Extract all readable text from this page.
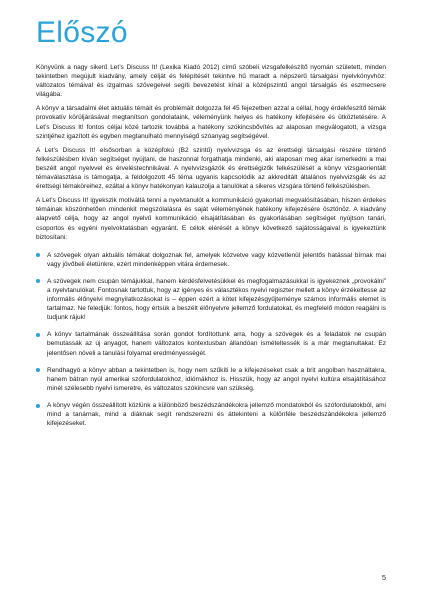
Előszó

Könyvünk a nagy sikerű Let’s Discuss It! (Lexika Kiadó 2012) című szóbeli vizsgafelkészítő nyomán született, minden tekintetben megújult kiadvány, amely célját és felépítését tekintve hű maradt a népszerű társalgási nyelvkönyvhöz: változatos témáival és izgalmas szövegeivel segíti bevezetést kínál a középszintű angol társalgás és eszmecsere világába.

A könyv a társadalmi élet aktuális témáit és problémáit dolgozza fel 45 fejezetben azzal a céllal, hogy érdekfeszítő témák provokatív körüljárásával megtanítson gondolataink, véleményünk helyes és hatékony kifejtésére és ütköztetésére. A Let’s Discuss It! fontos céljai közé tartozik továbbá a hatékony szókincsbővítés az alaposan megválogatott, a vizsga szintjéhez igazított és egyben megtanulható mennyiségű szóanyag segítségével.

A Let’s Discuss It! elsősorban a középfokú (B2 szintű) nyelvvizsga és az érettségi társalgási részére történő felkészülésben kíván segítséget nyújtani, de haszonnal forgathatja mindenki, aki alaposan meg akar ismerkedni a mai beszélt angol nyelvvel és érveléstechnikával. A nyelvvizsgázók és érettségizők felkészülését a könyv vizsgaorientált témaválasztása is támogatja, a feldolgozott 45 téma ugyanis kapcsolódik az akkreditált általános nyelvvizsgák és az érettségi témaköreihez, ezáltal a könyv hatékonyan kalauzolja a tanulókat a sikeres vizsgára történő felkészülésben.

A Let’s Discuss It! igyekszik motiváltá tenni a nyelvtanulót a kommunikáció gyakorlati megvalósításában, hiszen érdekes témáinak köszönhetően mindenkit megszólalásra és saját véleményének hatékony kifejezésére ösztönöz. A kiadvány alapvető célja, hogy az angol nyelvű kommunikáció elsajátításában és gyakorlásában segítséget nyújtson tanári, csoportos és egyéni nyelvoktatásban egyaránt. E célok elérését a könyv következő sajátosságaival is igyekeztünk biztosítani:

A szövegek olyan aktuális témákat dolgoznak fel, amelyek közvetve vagy közvetlenül jelentős hatással bírnak mai vagy jövőbeli életünkre, ezért mindenképpen vitára érdemesek.
A szövegek nem csupán témájukkal, hanem kérdésfelvetésükkel és megfogalmazásukkal is igyekeznek „provokálni” a nyelvtanulókat. Fontosnak tartottuk, hogy az igényes és választékos nyelvi regiszter mellett a könyv érzékeltesse az informális élőnyelvi megnyilatkozásokat is – éppen ezért a kötet kifejezésgyűjteménye számos informális elemet is tartalmaz. Ne feledjük: fontos, hogy értsük a beszélt élőnyelvre jellemző fordulatokat, és megfelelő módon reagálni is tudjunk rájuk!
A könyv tartalmának összeállítása során gondot fordítottunk arra, hogy a szövegek és a feladatok ne csupán bemutassák az új anyagot, hanem változatos kontextusban állandóan ismételtessék is a már megtanultakat. Ez jelentősen növeli a tanulási folyamat eredményességét.
Rendhagyó a könyv abban a tekintetben is, hogy nem szűkíti le a kifejezéseket csak a brit angolban használtakra, hanem bátran nyúl amerikai szófordulatokhoz, idiómákhoz is. Hisszük, hogy az angol nyelvi kultúra elsajátításához minél szélesebb nyelvi ismeretre, és változatos szókincsre van szükség.
A könyv végén összeállított közlünk a különböző beszédszándékokra jellemző mondatokból és szófordulatokból, ami mind a tanárnak, mind a diáknak segít rendszerezni és áttekinteni a különféle beszédszándékokra jellemző kifejezéseket.
5
